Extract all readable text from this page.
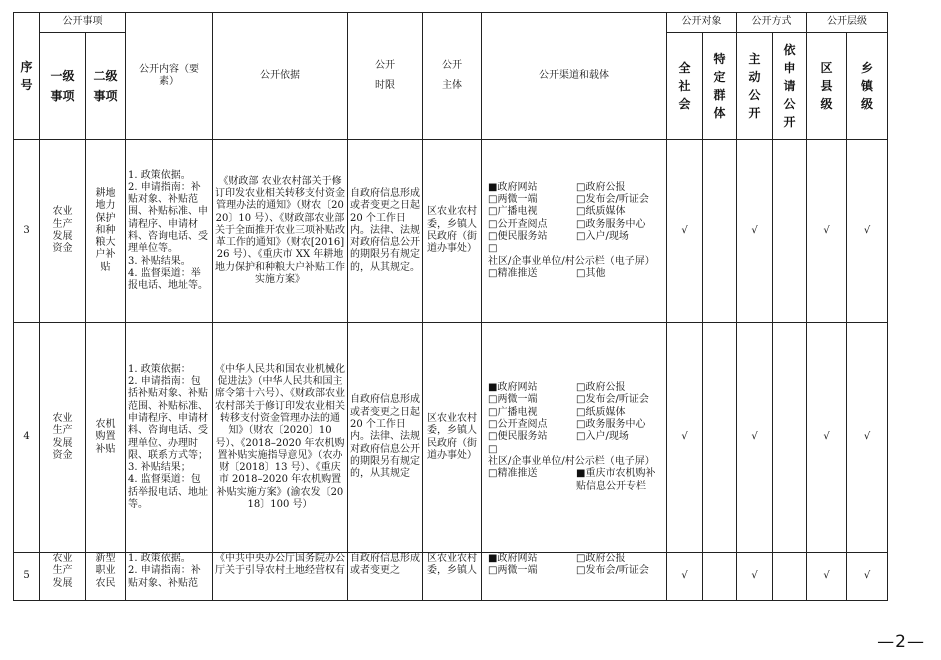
序号	公开事项		公开内容（要素）	公开依据	公开时限	公开主体	公开渠道和载体	公开对象		公开方式		公开层级	

	一级事项	二级事项						全社会	特定群体	主动公开	依申请公开	区县级	乡镇级

3	农业生产发展资金	耕地地力保护和种粮大户补贴	1. 政策依据。
2. 申请指南：补贴对象、补贴范围、补贴标准、申请程序、申请材料、咨询电话、受理单位等。
3. 补贴结果。
4. 监督渠道：举报电话、地址等。	《财政部 农业农村部关于修订印发农业相关转移支付资金管理办法的通知》（财农〔2020〕10 号）、《财政部农业部关于全面推开农业三项补贴改革工作的通知》（财农[2016]26 号）、《重庆市 XX 年耕地地力保护和种粮大户补贴工作实施方案》	自政府信息形成或者变更之日起 20 个工作日内。法律、法规对政府信息公开的期限另有规定的，从其规定。	区农业农村委，乡镇人民政府（街道办事处）	■政府网站 □政府公报 □两微一端 □发布会/听证会 □广播电视 □纸质媒体 □公开查阅点 □政务服务中心 □便民服务站 □入户/现场 □社区/企事业单位/村公示栏（电子屏） □精准推送 □其他	√		√		√	√
4	农业生产发展资金	农机购置补贴	1. 政策依据：
2. 申请指南：包括补贴对象、补贴范围、补贴标准、申请程序、申请材料、咨询电话、受理单位、办理时限、联系方式等；
3. 补贴结果；
4. 监督渠道：包括举报电话、地址等。	《中华人民共和国农业机械化促进法》（中华人民共和国主席令第十六号）、《财政部农业农村部关于修订印发农业相关转移支付资金管理办法的通知》（财农〔2020〕10 号）、《2018–2020 年农机购置补贴实施指导意见》（农办财〔2018〕13 号）、《重庆市 2018–2020 年农机购置补贴实施方案》(渝农发〔2018〕100 号）	自政府信息形成或者变更之日起 20 个工作日内。法律、法规对政府信息公开的期限另有规定的，从其规定	区农业农村委，乡镇人民政府（街道办事处）	■政府网站 □政府公报 □两微一端 □发布会/听证会 □广播电视 □纸质媒体 □公开查阅点 □政务服务中心 □便民服务站 □入户/现场 □社区/企事业单位/村公示栏（电子屏） □精准推送 ■重庆市农机购补贴信息公开专栏	√		√		√	√
5	农业生产发展	新型职业农民	1. 政策依据。
2. 申请指南：补贴对象、补贴范	《中共中央办公厅国务院办公厅关于引导农村土地经营权有	自政府信息形成或者变更之	区农业农村委，乡镇人	■政府网站 □政府公报 □两微一端 □发布会/听证会	√		√		√	√
—2—
